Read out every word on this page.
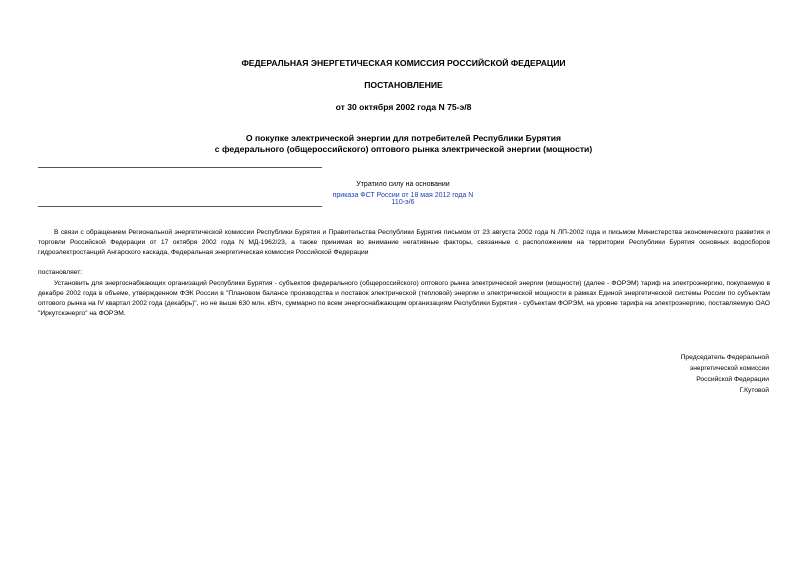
ФЕДЕРАЛЬНАЯ ЭНЕРГЕТИЧЕСКАЯ КОМИССИЯ РОССИЙСКОЙ ФЕДЕРАЦИИ
ПОСТАНОВЛЕНИЕ
от 30 октября 2002 года N 75-э/8
О покупке электрической энергии для потребителей Республики Бурятия
с федерального (общероссийского) оптового рынка электрической энергии (мощности)
Утратило силу на основании
приказа ФСТ России от 18 мая 2012 года N 110-э/6
В связи с обращением Региональной энергетической комиссии Республики Бурятия и Правительства Республики Бурятия письмом от 23 августа 2002 года N ЛП-2002 года и письмом Министерства экономического развития и торговли Российской Федерации от 17 октября 2002 года N МД-1962/23, а также принимая во внимание негативные факторы, связанные с расположением на территории Республики Бурятия основных водосборов гидроэлектростанций Ангарского каскада, Федеральная энергетическая комиссия Российской Федерации
постановляет:
Установить для энергоснабжающих организаций Республики Бурятия - субъектов федерального (общероссийского) оптового рынка электрической энергии (мощности) (далее - ФОРЭМ) тариф на электроэнергию, покупаемую в декабре 2002 года в объеме, утвержденном ФЭК России в "Плановом балансе производства и поставок электрической (тепловой) энергии и электрической мощности в рамках Единой энергетической системы России по субъектам оптового рынка на IV квартал 2002 года (декабрь)", но не выше 630 млн. кВтч, суммарно по всем энергоснабжающим организациям Республики Бурятия - субъектам ФОРЭМ, на уровне тарифа на электроэнергию, поставляемую ОАО "Иркутскэнерго" на ФОРЭМ.
Председатель Федеральной
энергетической комиссии
Российской Федерации
Г.Кутовой
